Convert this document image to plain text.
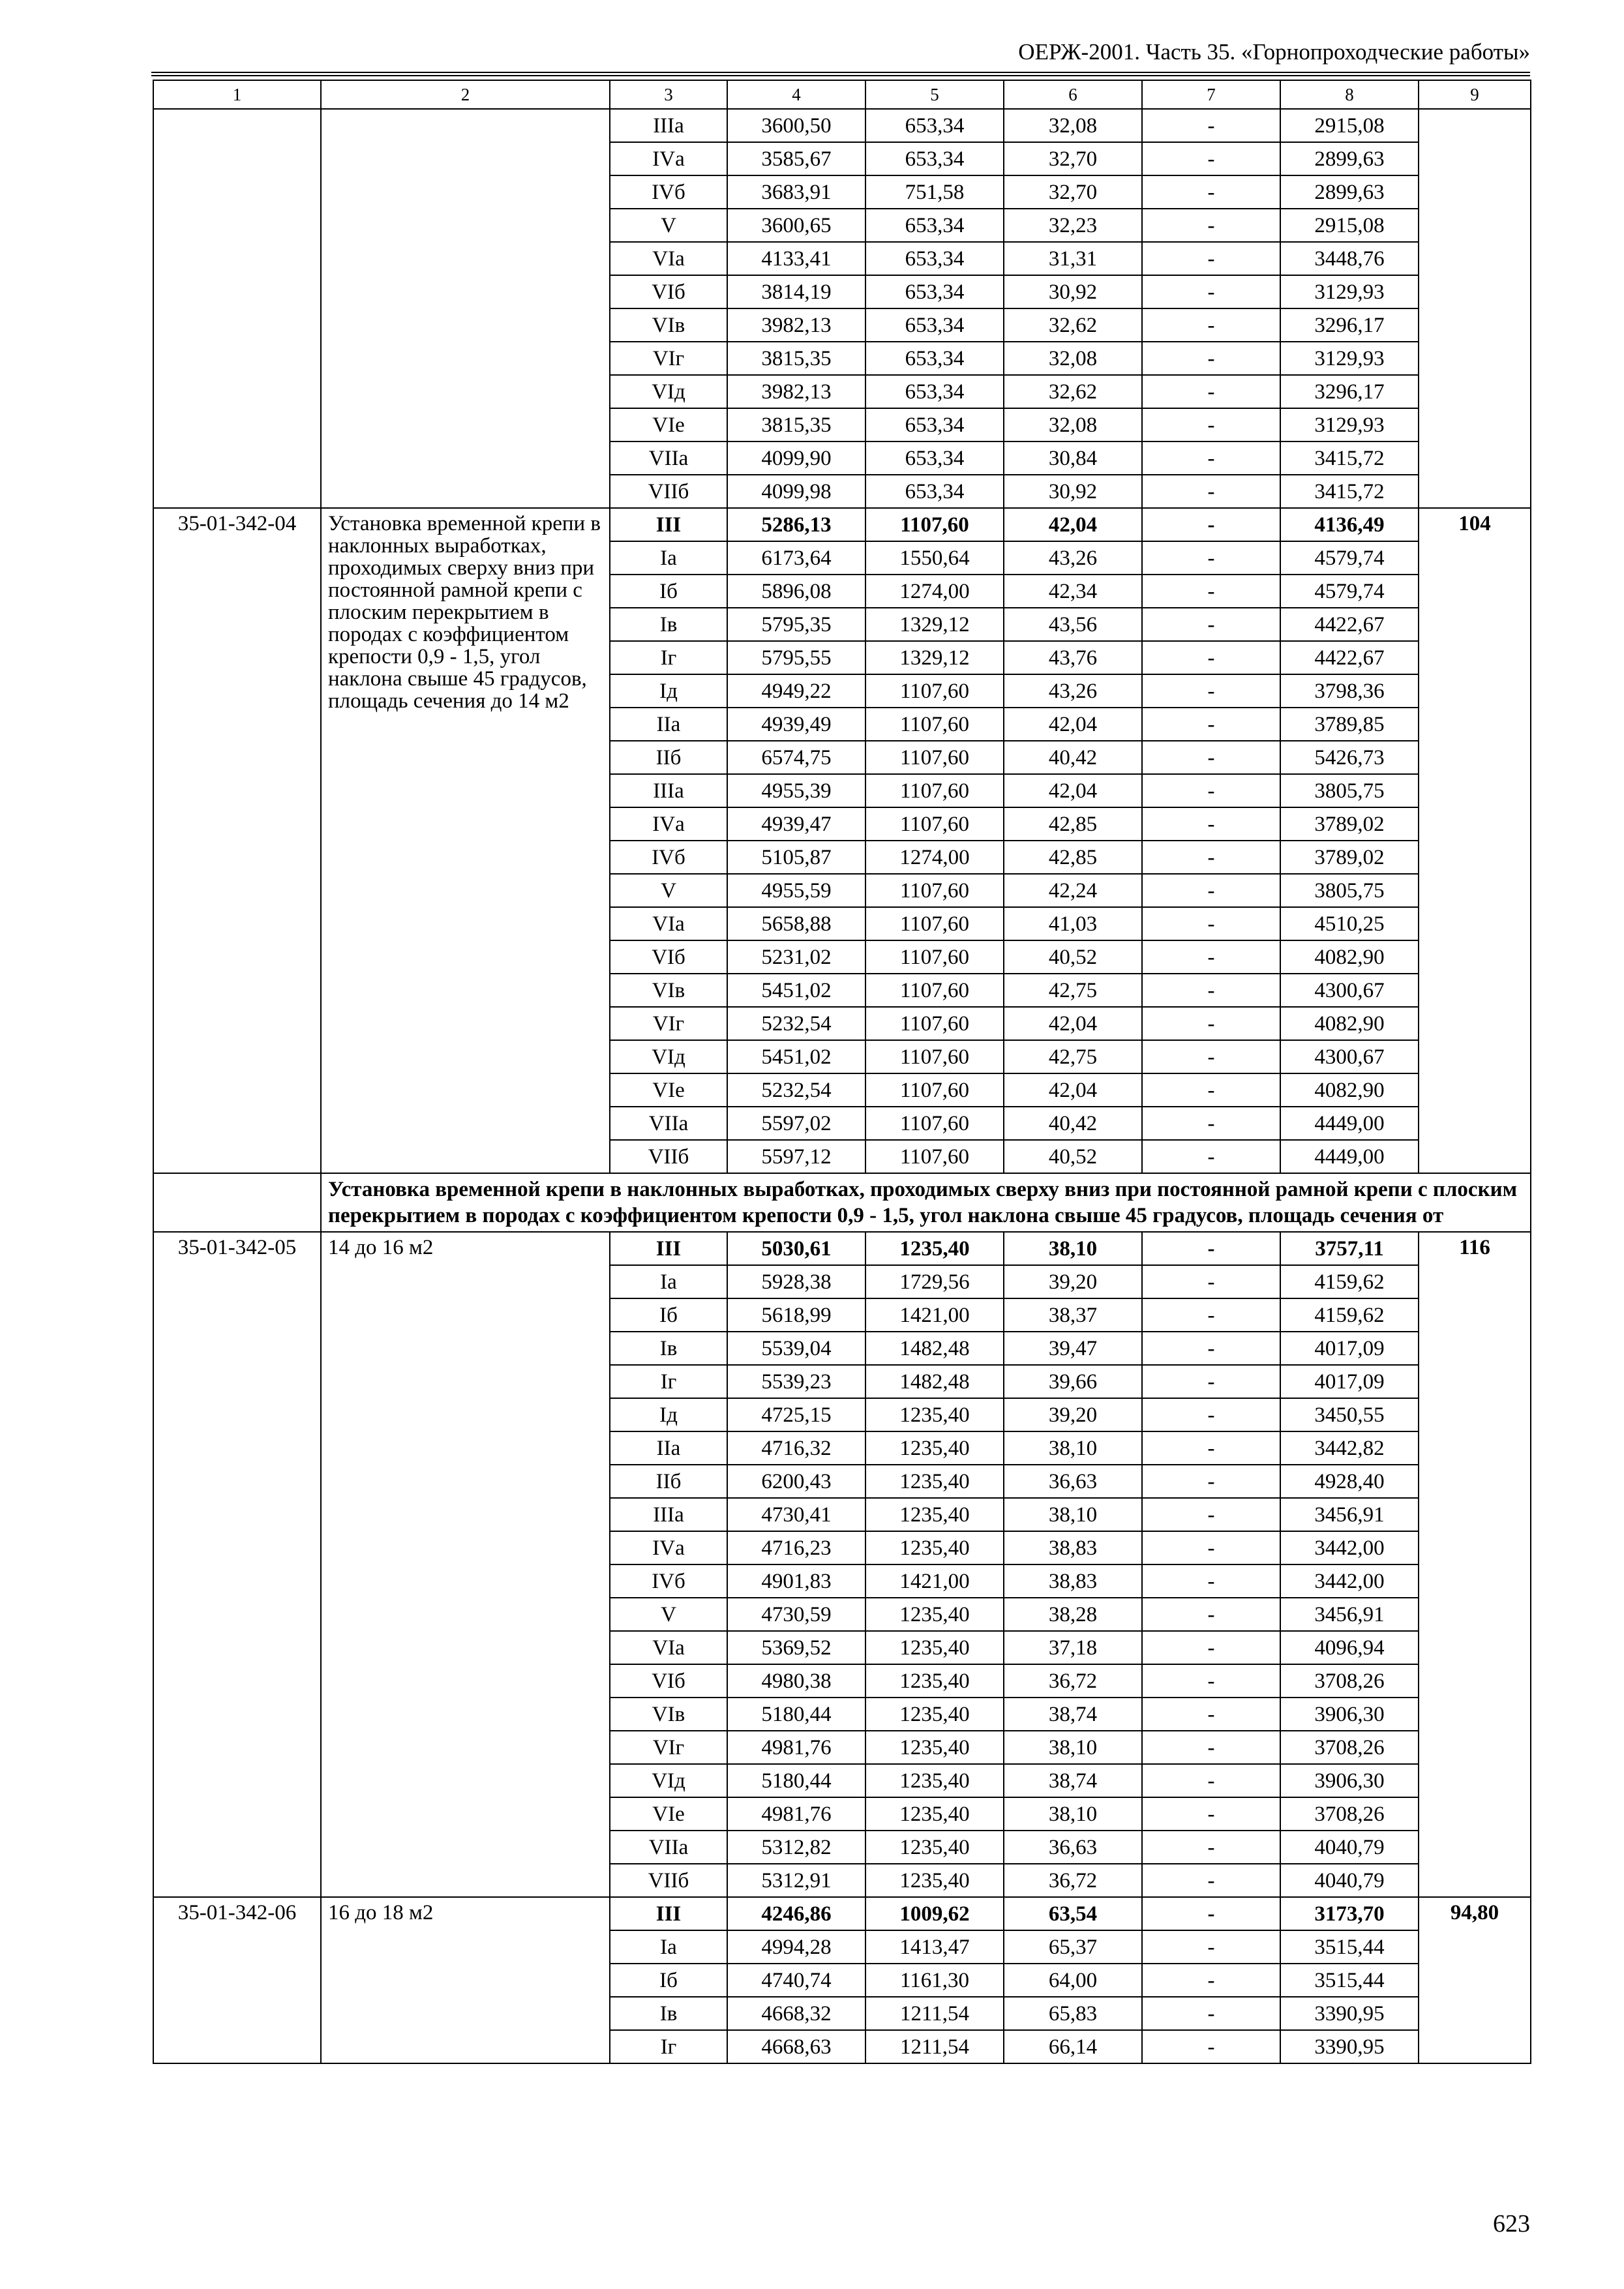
ОЕРЖ-2001. Часть 35. «Горнопроходческие работы»
1	2	3	4	5	6	7	8	9
		IIIа	3600,50	653,34	32,08	-	2915,08	
		IVа	3585,67	653,34	32,70	-	2899,63	
		IVб	3683,91	751,58	32,70	-	2899,63	
		V	3600,65	653,34	32,23	-	2915,08	
		VIа	4133,41	653,34	31,31	-	3448,76	
		VIб	3814,19	653,34	30,92	-	3129,93	
		VIв	3982,13	653,34	32,62	-	3296,17	
		VIг	3815,35	653,34	32,08	-	3129,93	
		VIд	3982,13	653,34	32,62	-	3296,17	
		VIе	3815,35	653,34	32,08	-	3129,93	
		VIIа	4099,90	653,34	30,84	-	3415,72	
		VIIб	4099,98	653,34	30,92	-	3415,72	
35-01-342-04	Установка временной крепи в наклонных выработках, проходимых сверху вниз при постоянной рамной крепи с плоским перекрытием в породах с коэффициентом крепости 0,9 - 1,5, угол наклона свыше 45 градусов, площадь сечения до 14 м2	III	5286,13	1107,60	42,04	-	4136,49	104
		Iа	6173,64	1550,64	43,26	-	4579,74	
		Iб	5896,08	1274,00	42,34	-	4579,74	
		Iв	5795,35	1329,12	43,56	-	4422,67	
		Iг	5795,55	1329,12	43,76	-	4422,67	
		Iд	4949,22	1107,60	43,26	-	3798,36	
		IIа	4939,49	1107,60	42,04	-	3789,85	
		IIб	6574,75	1107,60	40,42	-	5426,73	
		IIIа	4955,39	1107,60	42,04	-	3805,75	
		IVа	4939,47	1107,60	42,85	-	3789,02	
		IVб	5105,87	1274,00	42,85	-	3789,02	
		V	4955,59	1107,60	42,24	-	3805,75	
		VIа	5658,88	1107,60	41,03	-	4510,25	
		VIб	5231,02	1107,60	40,52	-	4082,90	
		VIв	5451,02	1107,60	42,75	-	4300,67	
		VIг	5232,54	1107,60	42,04	-	4082,90	
		VIд	5451,02	1107,60	42,75	-	4300,67	
		VIе	5232,54	1107,60	42,04	-	4082,90	
		VIIа	5597,02	1107,60	40,42	-	4449,00	
		VIIб	5597,12	1107,60	40,52	-	4449,00	
	Установка временной крепи в наклонных выработках, проходимых сверху вниз при постоянной рамной крепи с плоским перекрытием в породах с коэффициентом крепости 0,9 - 1,5, угол наклона свыше 45 градусов, площадь сечения от							
35-01-342-05	14 до 16 м2	III	5030,61	1235,40	38,10	-	3757,11	116
		Iа	5928,38	1729,56	39,20	-	4159,62	
		Iб	5618,99	1421,00	38,37	-	4159,62	
		Iв	5539,04	1482,48	39,47	-	4017,09	
		Iг	5539,23	1482,48	39,66	-	4017,09	
		Iд	4725,15	1235,40	39,20	-	3450,55	
		IIа	4716,32	1235,40	38,10	-	3442,82	
		IIб	6200,43	1235,40	36,63	-	4928,40	
		IIIа	4730,41	1235,40	38,10	-	3456,91	
		IVа	4716,23	1235,40	38,83	-	3442,00	
		IVб	4901,83	1421,00	38,83	-	3442,00	
		V	4730,59	1235,40	38,28	-	3456,91	
		VIа	5369,52	1235,40	37,18	-	4096,94	
		VIб	4980,38	1235,40	36,72	-	3708,26	
		VIв	5180,44	1235,40	38,74	-	3906,30	
		VIг	4981,76	1235,40	38,10	-	3708,26	
		VIд	5180,44	1235,40	38,74	-	3906,30	
		VIе	4981,76	1235,40	38,10	-	3708,26	
		VIIа	5312,82	1235,40	36,63	-	4040,79	
		VIIб	5312,91	1235,40	36,72	-	4040,79	
35-01-342-06	16 до 18 м2	III	4246,86	1009,62	63,54	-	3173,70	94,80
		Iа	4994,28	1413,47	65,37	-	3515,44	
		Iб	4740,74	1161,30	64,00	-	3515,44	
		Iв	4668,32	1211,54	65,83	-	3390,95	
		Iг	4668,63	1211,54	66,14	-	3390,95	
623
